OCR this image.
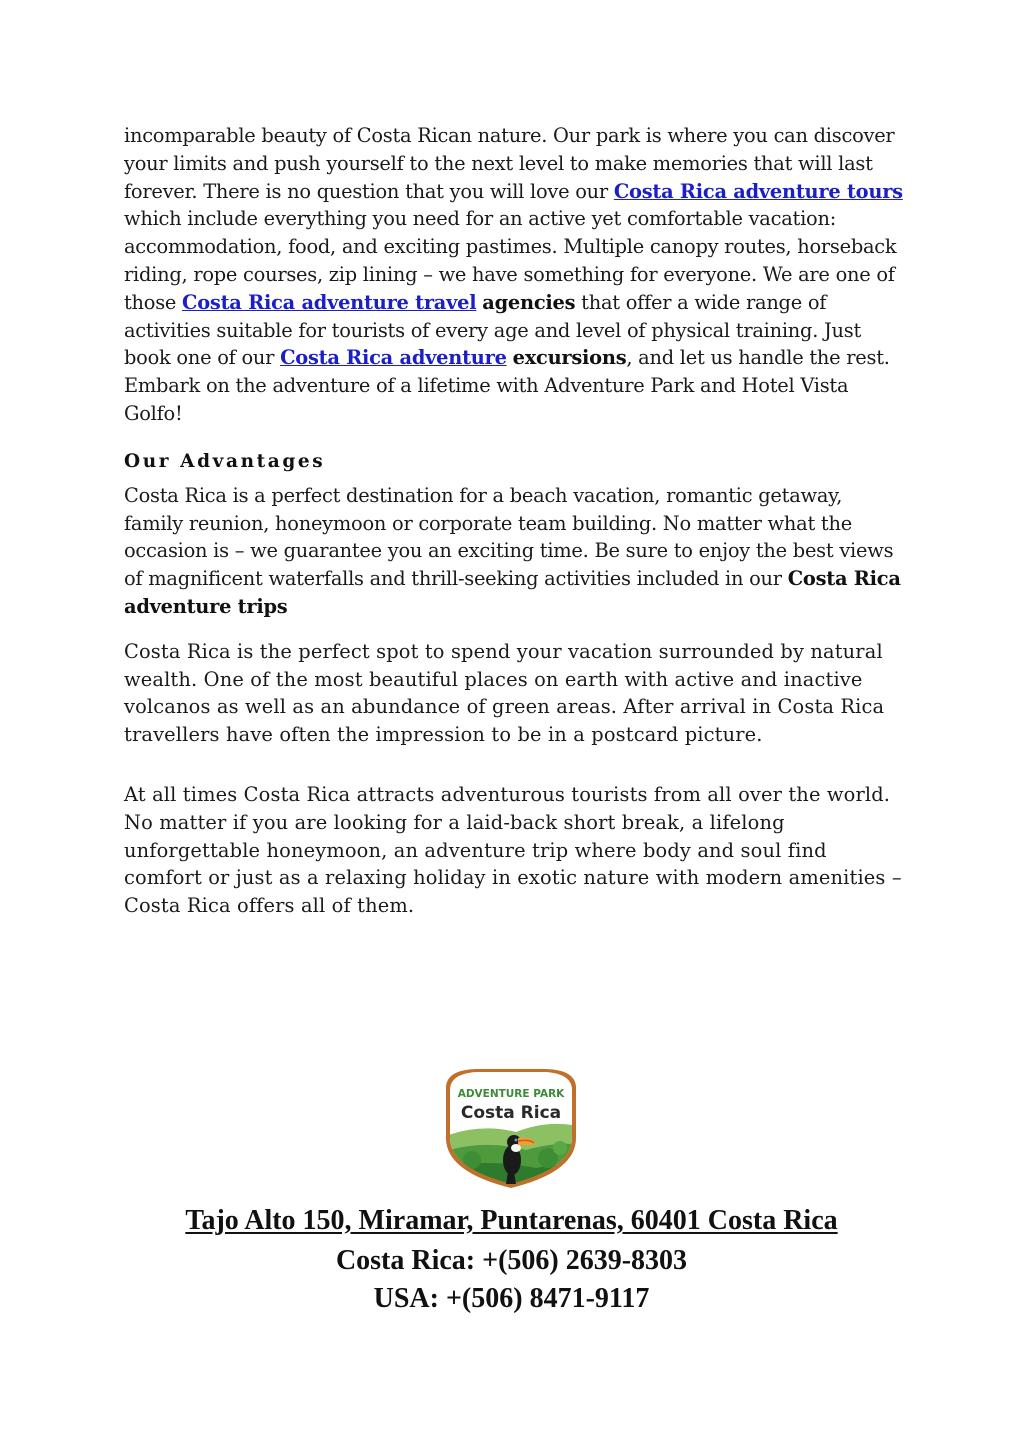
incomparable beauty of Costa Rican nature. Our park is where you can discover your limits and push yourself to the next level to make memories that will last forever. There is no question that you will love our Costa Rica adventure tours which include everything you need for an active yet comfortable vacation: accommodation, food, and exciting pastimes. Multiple canopy routes, horseback riding, rope courses, zip lining – we have something for everyone. We are one of those Costa Rica adventure travel agencies that offer a wide range of activities suitable for tourists of every age and level of physical training. Just book one of our Costa Rica adventure excursions, and let us handle the rest. Embark on the adventure of a lifetime with Adventure Park and Hotel Vista Golfo!

Our Advantages

Costa Rica is a perfect destination for a beach vacation, romantic getaway, family reunion, honeymoon or corporate team building. No matter what the occasion is – we guarantee you an exciting time. Be sure to enjoy the best views of magnificent waterfalls and thrill-seeking activities included in our Costa Rica adventure trips

Costa Rica is the perfect spot to spend your vacation surrounded by natural wealth. One of the most beautiful places on earth with active and inactive volcanos as well as an abundance of green areas. After arrival in Costa Rica travellers have often the impression to be in a postcard picture.

At all times Costa Rica attracts adventurous tourists from all over the world. No matter if you are looking for a laid-back short break, a lifelong unforgettable honeymoon, an adventure trip where body and soul find comfort or just as a relaxing holiday in exotic nature with modern amenities – Costa Rica offers all of them.

ADVENTURE PARK
Costa Rica
Tajo Alto 150, Miramar, Puntarenas, 60401 Costa Rica
Costa Rica: +(506) 2639-8303
USA: +(506) 8471-9117
